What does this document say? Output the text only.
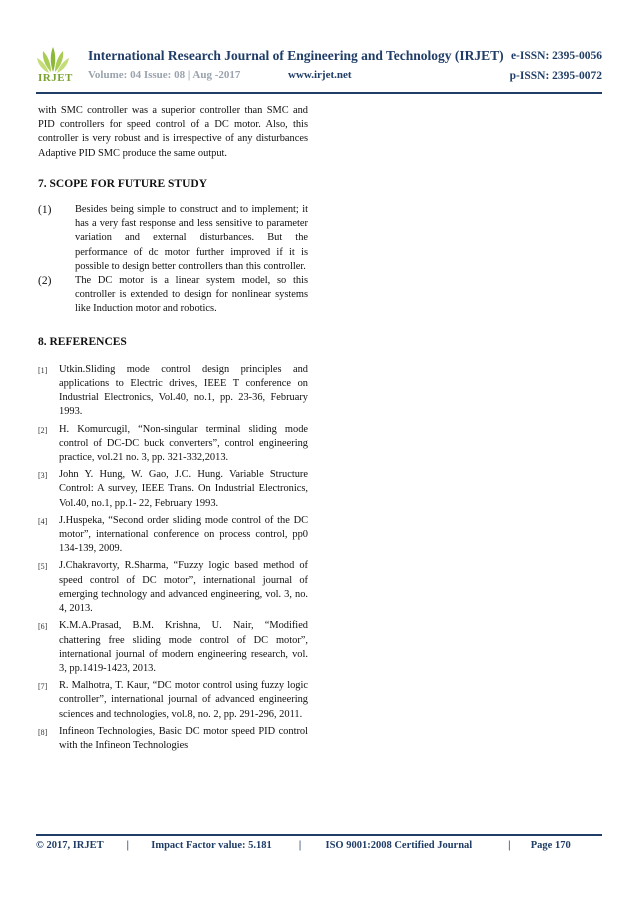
IRJET
International Research Journal of Engineering and Technology (IRJET) e-ISSN: 2395-0056
Volume: 04 Issue: 08 | Aug -2017	www.irjet.net	p-ISSN: 2395-0072

with SMC controller was a superior controller than SMC and PID controllers for speed control of a DC motor. Also, this controller is very robust and is irrespective of any disturbances Adaptive PID SMC produce the same output.

7. SCOPE FOR FUTURE STUDY
(1)	Besides being simple to construct and to implement; it has a very fast response and less sensitive to parameter variation and external disturbances. But the performance of dc motor further improved if it is possible to design better controllers than this controller.
(2)	The DC motor is a linear system model, so this controller is extended to design for nonlinear systems like Induction motor and robotics.
8. REFERENCES
[1]	Utkin.Sliding mode control design principles and applications to Electric drives, IEEE T conference on Industrial Electronics, Vol.40, no.1, pp. 23-36, February 1993.
[2]	H. Komurcugil, “Non-singular terminal sliding mode control of DC-DC buck converters”, control engineering practice, vol.21 no. 3, pp. 321-332,2013.
[3]	John Y. Hung, W. Gao, J.C. Hung. Variable Structure Control: A survey, IEEE Trans. On Industrial Electronics, Vol.40, no.1, pp.1- 22, February 1993.
[4]	J.Huspeka, “Second order sliding mode control of the DC motor”, international conference on process control, pp0 134-139, 2009.
[5]	J.Chakravorty, R.Sharma, “Fuzzy logic based method of speed control of DC motor”, international journal of emerging technology and advanced engineering, vol. 3, no. 4, 2013.
[6]	K.M.A.Prasad, B.M. Krishna, U. Nair, “Modified chattering free sliding mode control of DC motor”, international journal of modern engineering research, vol. 3, pp.1419-1423, 2013.
[7]	R. Malhotra, T. Kaur, “DC motor control using fuzzy logic controller”, international journal of advanced engineering sciences and technologies, vol.8, no. 2, pp. 291-296, 2011.
[8]	Infineon Technologies, Basic DC motor speed PID control with the Infineon Technologies
© 2017, IRJET | Impact Factor value: 5.181	| ISO 9001:2008 Certified Journal	| Page 170
